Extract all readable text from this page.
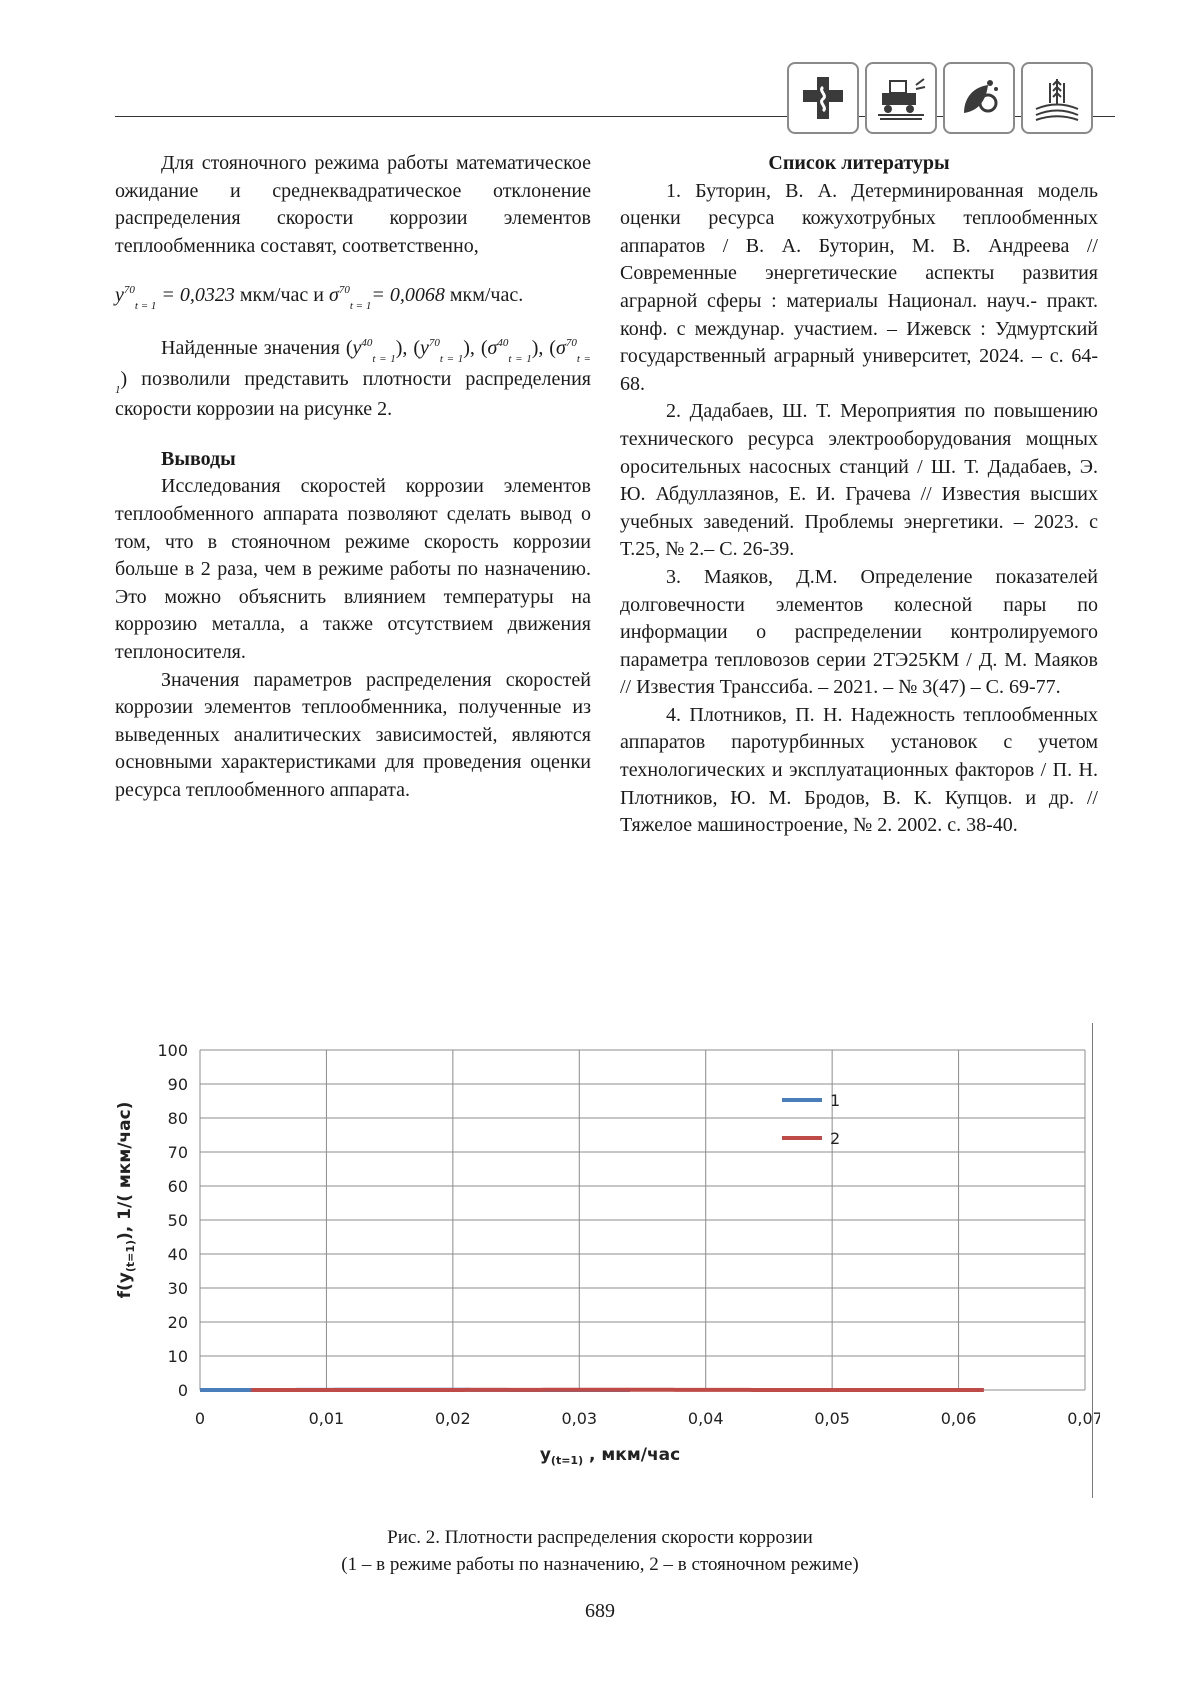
Для стояночного режима работы математическое ожидание и среднеквадратическое отклонение распределения скорости коррозии элементов теплообменника составят, соответственно,

$y^{70}_{t = 1} = 0,0323$ мкм/час и $\sigma^{70}_{t = 1}= 0,0068$ мкм/час.

Найденные значения $(y^{40}_{t = 1})$, $(y^{70}_{t = 1})$, $(\sigma^{40}_{t = 1})$, $(\sigma^{70}_{t = 1})$ позволили представить плотности распределения скорости коррозии на рисунке 2.

Выводы

Исследования скоростей коррозии элементов теплообменного аппарата позволяют сделать вывод о том, что в стояночном режиме скорость коррозии больше в 2 раза, чем в режиме работы по назначению. Это можно объяснить влиянием температуры на коррозию металла, а также отсутствием движения теплоносителя.

Значения параметров распределения скоростей коррозии элементов теплообменника, полученные из выведенных аналитических зависимостей, являются основными характеристиками для проведения оценки ресурса теплообменного аппарата.

Список литературы

1. Буторин, В. А. Детерминированная модель оценки ресурса кожухотрубных теплообменных аппаратов / В. А. Буторин, М. В. Андреева // Современные энергетические аспекты развития аграрной сферы : материалы Национал. науч.- практ. конф. с междунар. участием. – Ижевск : Удмуртский государственный аграрный университет, 2024. – с. 64-68.

2. Дадабаев, Ш. Т. Мероприятия по повышению технического ресурса электрооборудования мощных оросительных насосных станций / Ш. Т. Дадабаев, Э. Ю. Абдуллазянов, Е. И. Грачева // Известия высших учебных заведений. Проблемы энергетики. – 2023. с Т.25, № 2.– С. 26-39.

3. Маяков, Д.М. Определение показателей долговечности элементов колесной пары по информации о распределении контролируемого параметра тепловозов серии 2ТЭ25КМ / Д. М. Маяков // Известия Транссиба. – 2021. – № 3(47) – С. 69-77.

4. Плотников, П. Н. Надежность теплообменных аппаратов паротурбинных установок с учетом технологических и эксплуатационных факторов / П. Н. Плотников, Ю. М. Бродов, В. К. Купцов. и др. // Тяжелое машиностроение, № 2. 2002. с. 38-40.

0
10
20
30
40
50
60
70
80
90
100
0	0,01	0,02	0,03	0,04	0,05	0,06	0,07
1
2
$y_{(t=1)}$ , мкм/час
$f(y_{(t=1)})$, 1/( мкм/час)
Рис. 2. Плотности распределения скорости коррозии
(1 – в режиме работы по назначению, 2 – в стояночном режиме)
689
